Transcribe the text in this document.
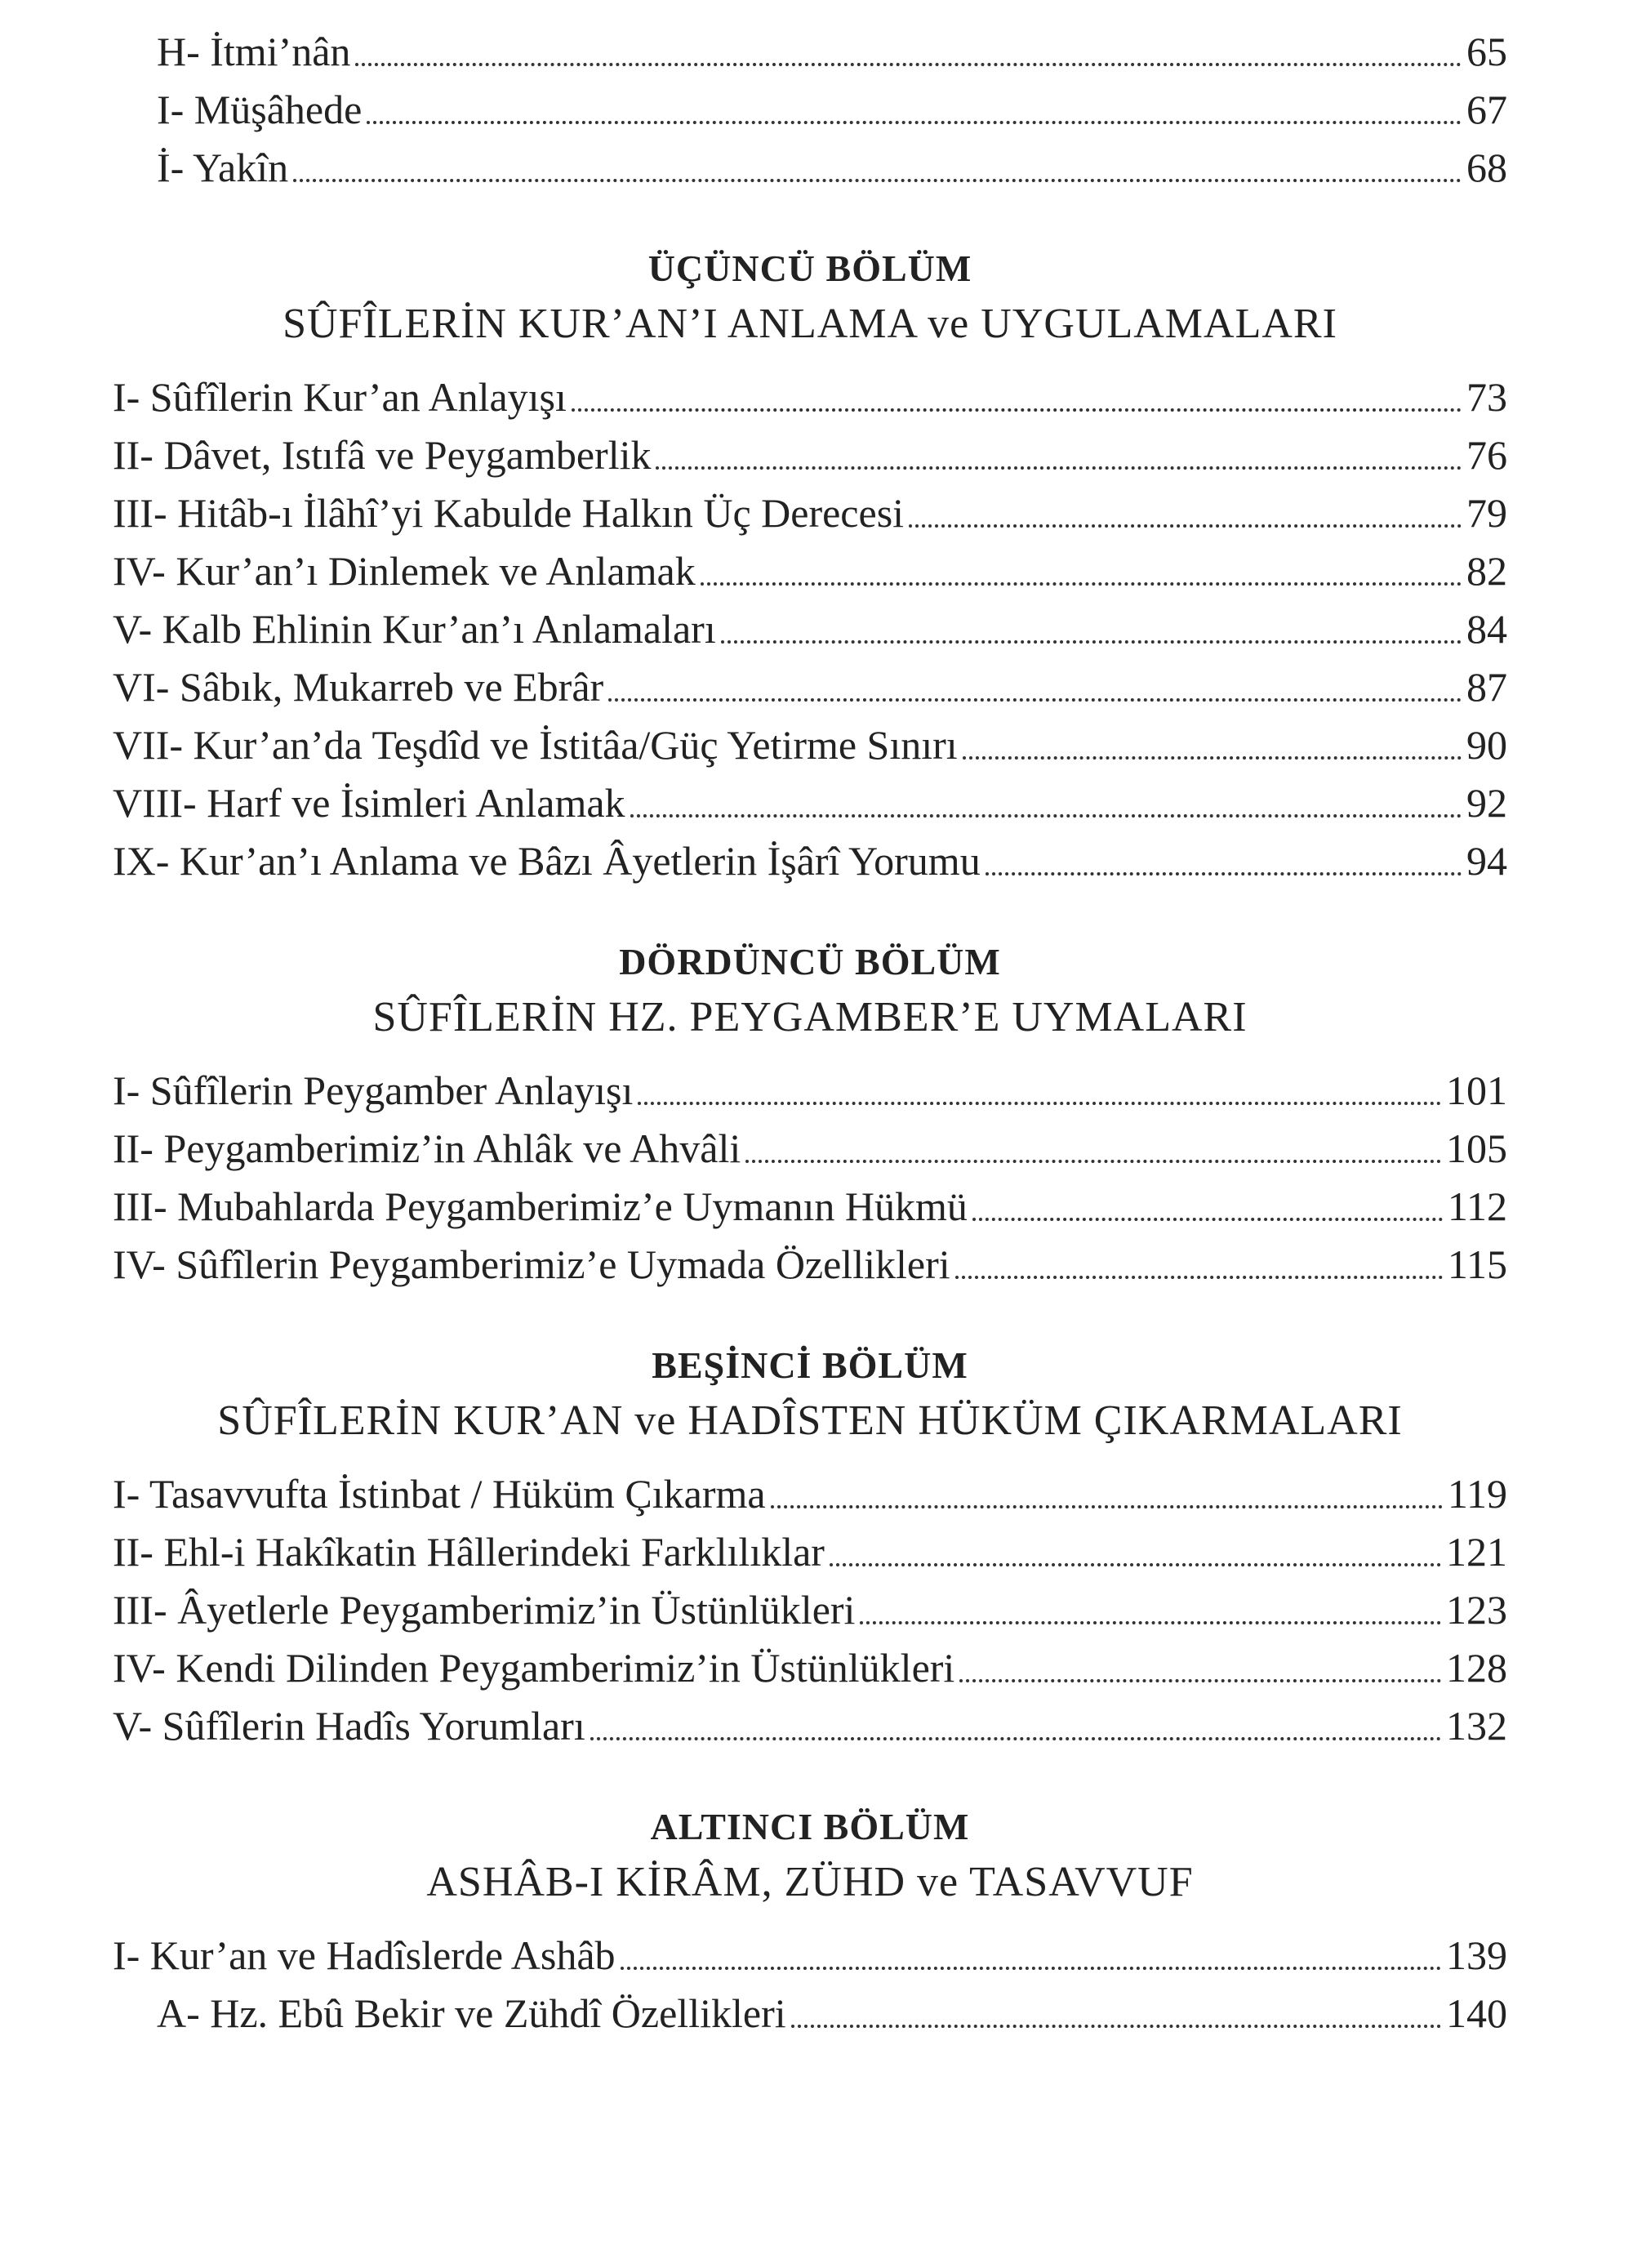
H- İtmi’nân	65
I- Müşâhede	67
İ- Yakîn	68
ÜÇÜNCÜ BÖLÜM
SÛFÎLERİN KUR’AN’I ANLAMA ve UYGULAMALARI
I- Sûfîlerin Kur’an Anlayışı	73
II- Dâvet, Istıfâ ve Peygamberlik	76
III- Hitâb-ı İlâhî’yi Kabulde Halkın Üç Derecesi	79
IV- Kur’an’ı Dinlemek ve Anlamak	82
V- Kalb Ehlinin Kur’an’ı Anlamaları	84
VI- Sâbık, Mukarreb ve Ebrâr	87
VII- Kur’an’da Teşdîd ve İstitâa/Güç Yetirme Sınırı	90
VIII- Harf ve İsimleri Anlamak	92
IX- Kur’an’ı Anlama ve Bâzı Âyetlerin İşârî Yorumu	94
DÖRDÜNCÜ BÖLÜM
SÛFÎLERİN HZ. PEYGAMBER’E UYMALARI
I- Sûfîlerin Peygamber Anlayışı	101
II- Peygamberimiz’in Ahlâk ve Ahvâli	105
III- Mubahlarda Peygamberimiz’e Uymanın Hükmü	112
IV- Sûfîlerin Peygamberimiz’e Uymada Özellikleri	115
BEŞİNCİ BÖLÜM
SÛFÎLERİN KUR’AN ve HADÎSTEN HÜKÜM ÇIKARMALARI
I- Tasavvufta İstinbat / Hüküm Çıkarma	119
II- Ehl-i Hakîkatin Hâllerindeki Farklılıklar	121
III- Âyetlerle Peygamberimiz’in Üstünlükleri	123
IV- Kendi Dilinden Peygamberimiz’in Üstünlükleri	128
V- Sûfîlerin Hadîs Yorumları	132
ALTINCI BÖLÜM
ASHÂB-I KİRÂM, ZÜHD ve TASAVVUF
I- Kur’an ve Hadîslerde Ashâb	139
A- Hz. Ebû Bekir ve Zühdî Özellikleri	140
